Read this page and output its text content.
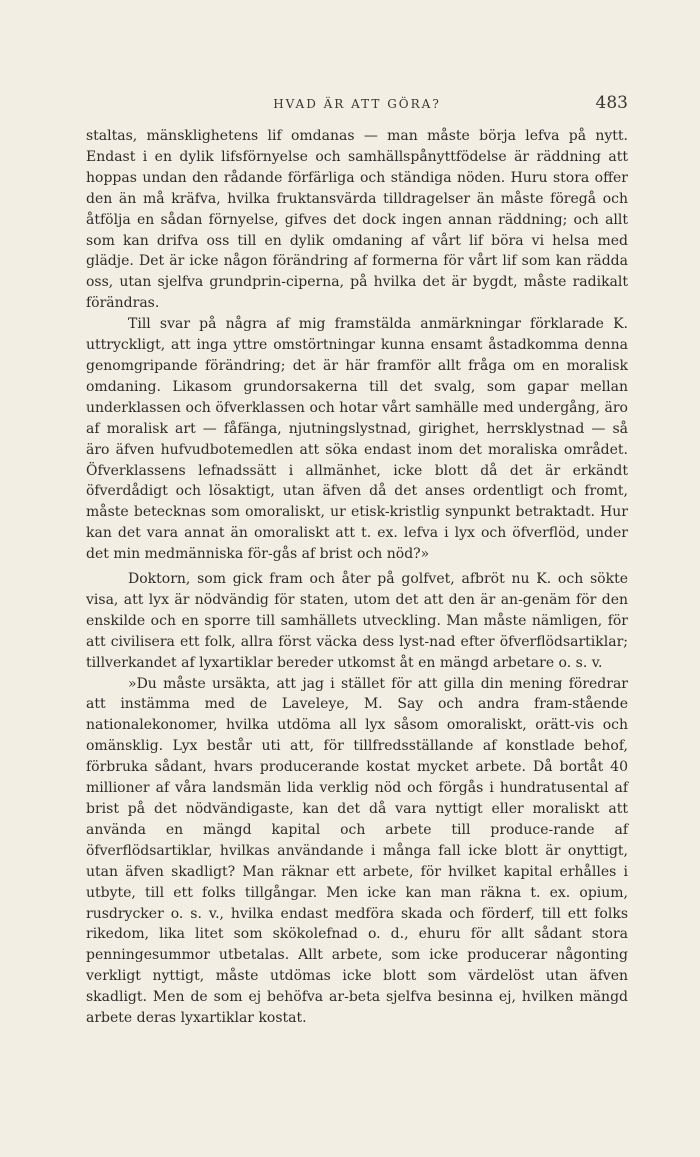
HVAD ÄR ATT GÖRA?	483

staltas, mänsklighetens lif omdanas — man måste börja lefva på nytt. Endast i en dylik lifsförnyelse och samhällspånyttfödelse är räddning att hoppas undan den rådande förfärliga och ständiga nöden. Huru stora offer den än må kräfva, hvilka fruktansvärda tilldragelser än måste föregå och åtfölja en sådan förnyelse, gifves det dock ingen annan räddning; och allt som kan drifva oss till en dylik omdaning af vårt lif böra vi helsa med glädje. Det är icke någon förändring af formerna för vårt lif som kan rädda oss, utan sjelfva grundprin-ciperna, på hvilka det är bygdt, måste radikalt förändras.

Till svar på några af mig framstälda anmärkningar förklarade K. uttryckligt, att inga yttre omstörtningar kunna ensamt åstadkomma denna genomgripande förändring; det är här framför allt fråga om en moralisk omdaning. Likasom grundorsakerna till det svalg, som gapar mellan underklassen och öfverklassen och hotar vårt samhälle med undergång, äro af moralisk art — fåfänga, njutningslystnad, girighet, herrsklystnad — så äro äfven hufvudbotemedlen att söka endast inom det moraliska området. Öfverklassens lefnadssätt i allmänhet, icke blott då det är erkändt öfverdådigt och lösaktigt, utan äfven då det anses ordentligt och fromt, måste betecknas som omoraliskt, ur etisk-kristlig synpunkt betraktadt. Hur kan det vara annat än omoraliskt att t. ex. lefva i lyx och öfverflöd, under det min medmänniska för-gås af brist och nöd?»

Doktorn, som gick fram och åter på golfvet, afbröt nu K. och sökte visa, att lyx är nödvändig för staten, utom det att den är an-genäm för den enskilde och en sporre till samhällets utveckling. Man måste nämligen, för att civilisera ett folk, allra först väcka dess lyst-nad efter öfverflödsartiklar; tillverkandet af lyxartiklar bereder utkomst åt en mängd arbetare o. s. v.

»Du måste ursäkta, att jag i stället för att gilla din mening föredrar att instämma med de Laveleye, M. Say och andra fram-stående nationalekonomer, hvilka utdöma all lyx såsom omoraliskt, orätt-vis och omänsklig. Lyx består uti att, för tillfredsställande af konstlade behof, förbruka sådant, hvars producerande kostat mycket arbete. Då bortåt 40 millioner af våra landsmän lida verklig nöd och förgås i hundratusental af brist på det nödvändigaste, kan det då vara nyttigt eller moraliskt att använda en mängd kapital och arbete till produce-rande af öfverflödsartiklar, hvilkas användande i många fall icke blott är onyttigt, utan äfven skadligt? Man räknar ett arbete, för hvilket kapital erhålles i utbyte, till ett folks tillgångar. Men icke kan man räkna t. ex. opium, rusdrycker o. s. v., hvilka endast medföra skada och förderf, till ett folks rikedom, lika litet som skökolefnad o. d., ehuru för allt sådant stora penningesummor utbetalas. Allt arbete, som icke producerar någonting verkligt nyttigt, måste utdömas icke blott som värdelöst utan äfven skadligt. Men de som ej behöfva ar-beta sjelfva besinna ej, hvilken mängd arbete deras lyxartiklar kostat.
